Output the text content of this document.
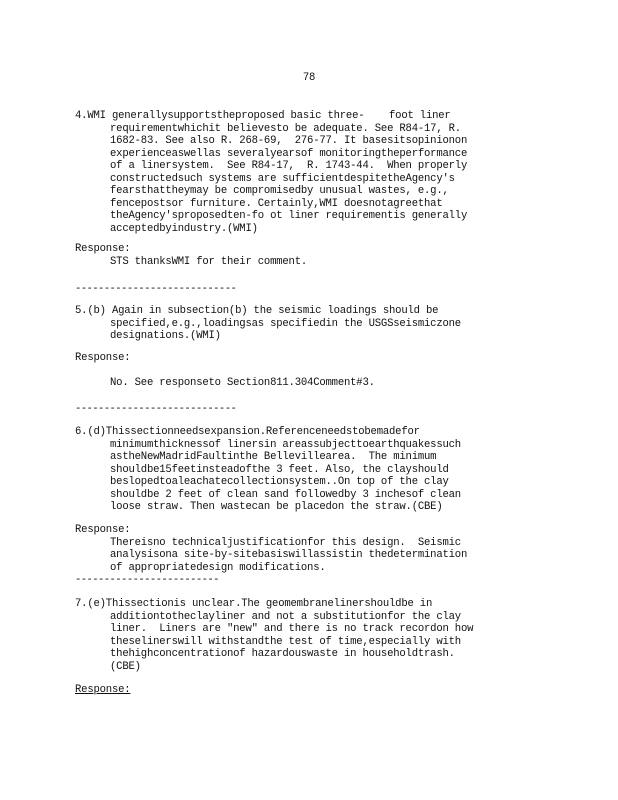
78
4.WMI generallysupportstheproposed basic three-    foot liner
requirementwhichit believesto be adequate. See R84-17, R.
1682-83. See also R. 268-69,  276-77. It basesitsopinionon
experienceaswellas severalyearsof monitoringtheperformance
of a linersystem.  See R84-17,  R. 1743-44.  When properly
constructedsuch systems are sufficientdespitetheAgency's
fearsthattheymay be compromisedby unusual wastes, e.g.,
fencepostsor furniture. Certainly,WMI doesnotagreethat
theAgency'sproposedten-fo ot liner requirementis generally
acceptedbyindustry.(WMI)
Response:
STS thanksWMI for their comment.
----------------------------
5.(b) Again in subsection(b) the seismic loadings should be
specified,e.g.,loadingsas specifiedin the USGSseismiczone
designations.(WMI)
Response:
No. See responseto Section811.304Comment#3.
----------------------------
6.(d)Thissectionneedsexpansion.Referenceneedstobemadefor
minimumthicknessof linersin areassubjecttoearthquakessuch
astheNewMadridFaultinthe Bellevillearea.  The minimum
shouldbe15feetinsteadofthe 3 feet. Also, the clayshould
beslopedtoaleachatecollectionsystem..On top of the clay
shouldbe 2 feet of clean sand followedby 3 inchesof clean
loose straw. Then wastecan be placedon the straw.(CBE)
Response:
Thereisno technicaljustificationfor this design.  Seismic
analysisona site-by-sitebasiswillassistin thedetermination
of appropriatedesign modifications.
-------------------------
7.(e)Thissectionis unclear.The geomembranelinershouldbe in
additiontotheclayliner and not a substitutionfor the clay
liner.  Liners are "new" and there is no track recordon how
theselinerswill withstandthe test of time,especially with
thehighconcentrationof hazardouswaste in householdtrash.
(CBE)
Response:
